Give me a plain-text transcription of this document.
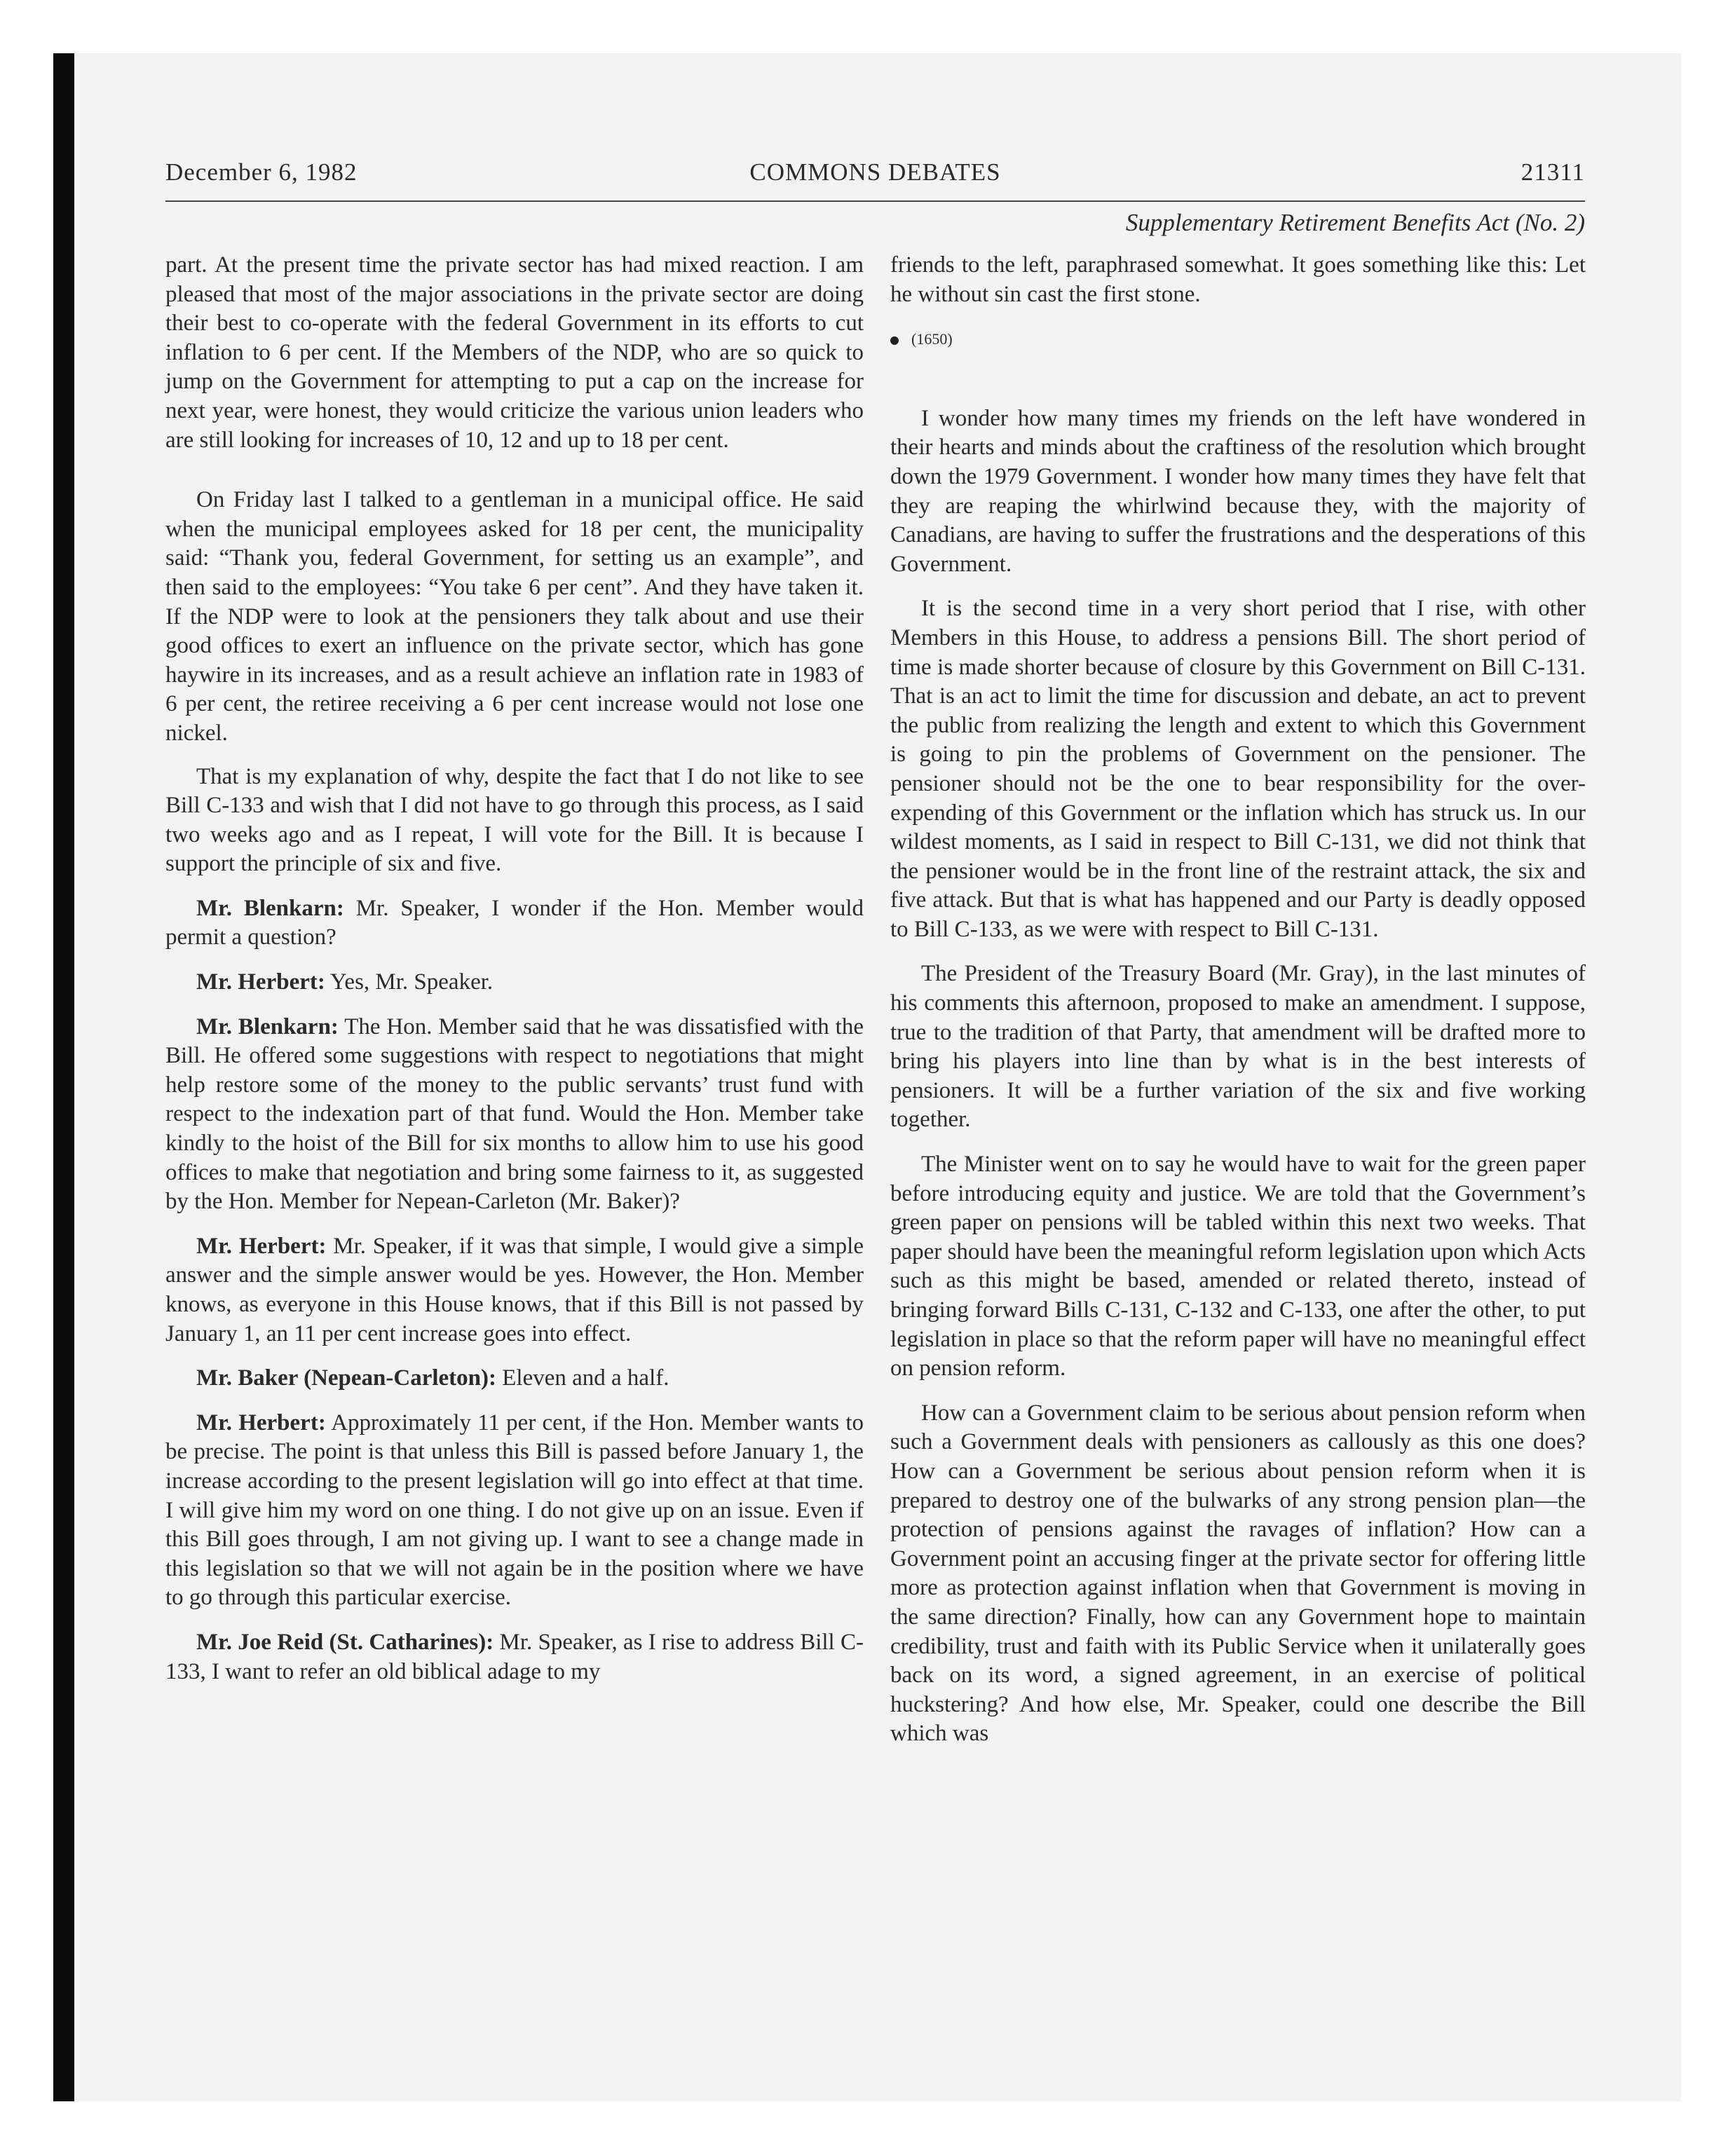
December 6, 1982	COMMONS DEBATES	21311
Supplementary Retirement Benefits Act (No. 2)

part. At the present time the private sector has had mixed reaction. I am pleased that most of the major associations in the private sector are doing their best to co-operate with the federal Government in its efforts to cut inflation to 6 per cent. If the Members of the NDP, who are so quick to jump on the Government for attempting to put a cap on the increase for next year, were honest, they would criticize the various union leaders who are still looking for increases of 10, 12 and up to 18 per cent.

On Friday last I talked to a gentleman in a municipal office. He said when the municipal employees asked for 18 per cent, the municipality said: “Thank you, federal Government, for setting us an example”, and then said to the employees: “You take 6 per cent”. And they have taken it. If the NDP were to look at the pensioners they talk about and use their good offices to exert an influence on the private sector, which has gone haywire in its increases, and as a result achieve an inflation rate in 1983 of 6 per cent, the retiree receiving a 6 per cent increase would not lose one nickel.

That is my explanation of why, despite the fact that I do not like to see Bill C-133 and wish that I did not have to go through this process, as I said two weeks ago and as I repeat, I will vote for the Bill. It is because I support the principle of six and five.

Mr. Blenkarn: Mr. Speaker, I wonder if the Hon. Member would permit a question?

Mr. Herbert: Yes, Mr. Speaker.

Mr. Blenkarn: The Hon. Member said that he was dissatisfied with the Bill. He offered some suggestions with respect to negotiations that might help restore some of the money to the public servants’ trust fund with respect to the indexation part of that fund. Would the Hon. Member take kindly to the hoist of the Bill for six months to allow him to use his good offices to make that negotiation and bring some fairness to it, as suggested by the Hon. Member for Nepean-Carleton (Mr. Baker)?

Mr. Herbert: Mr. Speaker, if it was that simple, I would give a simple answer and the simple answer would be yes. However, the Hon. Member knows, as everyone in this House knows, that if this Bill is not passed by January 1, an 11 per cent increase goes into effect.

Mr. Baker (Nepean-Carleton): Eleven and a half.

Mr. Herbert: Approximately 11 per cent, if the Hon. Member wants to be precise. The point is that unless this Bill is passed before January 1, the increase according to the present legislation will go into effect at that time. I will give him my word on one thing. I do not give up on an issue. Even if this Bill goes through, I am not giving up. I want to see a change made in this legislation so that we will not again be in the position where we have to go through this particular exercise.

Mr. Joe Reid (St. Catharines): Mr. Speaker, as I rise to address Bill C-133, I want to refer an old biblical adage to my

friends to the left, paraphrased somewhat. It goes something like this: Let he without sin cast the first stone.

(1650)

I wonder how many times my friends on the left have wondered in their hearts and minds about the craftiness of the resolution which brought down the 1979 Government. I wonder how many times they have felt that they are reaping the whirlwind because they, with the majority of Canadians, are having to suffer the frustrations and the desperations of this Government.

It is the second time in a very short period that I rise, with other Members in this House, to address a pensions Bill. The short period of time is made shorter because of closure by this Government on Bill C-131. That is an act to limit the time for discussion and debate, an act to prevent the public from realizing the length and extent to which this Government is going to pin the problems of Government on the pensioner. The pensioner should not be the one to bear responsibility for the over-expending of this Government or the inflation which has struck us. In our wildest moments, as I said in respect to Bill C-131, we did not think that the pensioner would be in the front line of the restraint attack, the six and five attack. But that is what has happened and our Party is deadly opposed to Bill C-133, as we were with respect to Bill C-131.

The President of the Treasury Board (Mr. Gray), in the last minutes of his comments this afternoon, proposed to make an amendment. I suppose, true to the tradition of that Party, that amendment will be drafted more to bring his players into line than by what is in the best interests of pensioners. It will be a further variation of the six and five working together.

The Minister went on to say he would have to wait for the green paper before introducing equity and justice. We are told that the Government’s green paper on pensions will be tabled within this next two weeks. That paper should have been the meaningful reform legislation upon which Acts such as this might be based, amended or related thereto, instead of bringing forward Bills C-131, C-132 and C-133, one after the other, to put legislation in place so that the reform paper will have no meaningful effect on pension reform.

How can a Government claim to be serious about pension reform when such a Government deals with pensioners as callously as this one does? How can a Government be serious about pension reform when it is prepared to destroy one of the bulwarks of any strong pension plan—the protection of pensions against the ravages of inflation? How can a Government point an accusing finger at the private sector for offering little more as protection against inflation when that Government is moving in the same direction? Finally, how can any Government hope to maintain credibility, trust and faith with its Public Service when it unilaterally goes back on its word, a signed agreement, in an exercise of political huckstering? And how else, Mr. Speaker, could one describe the Bill which was
